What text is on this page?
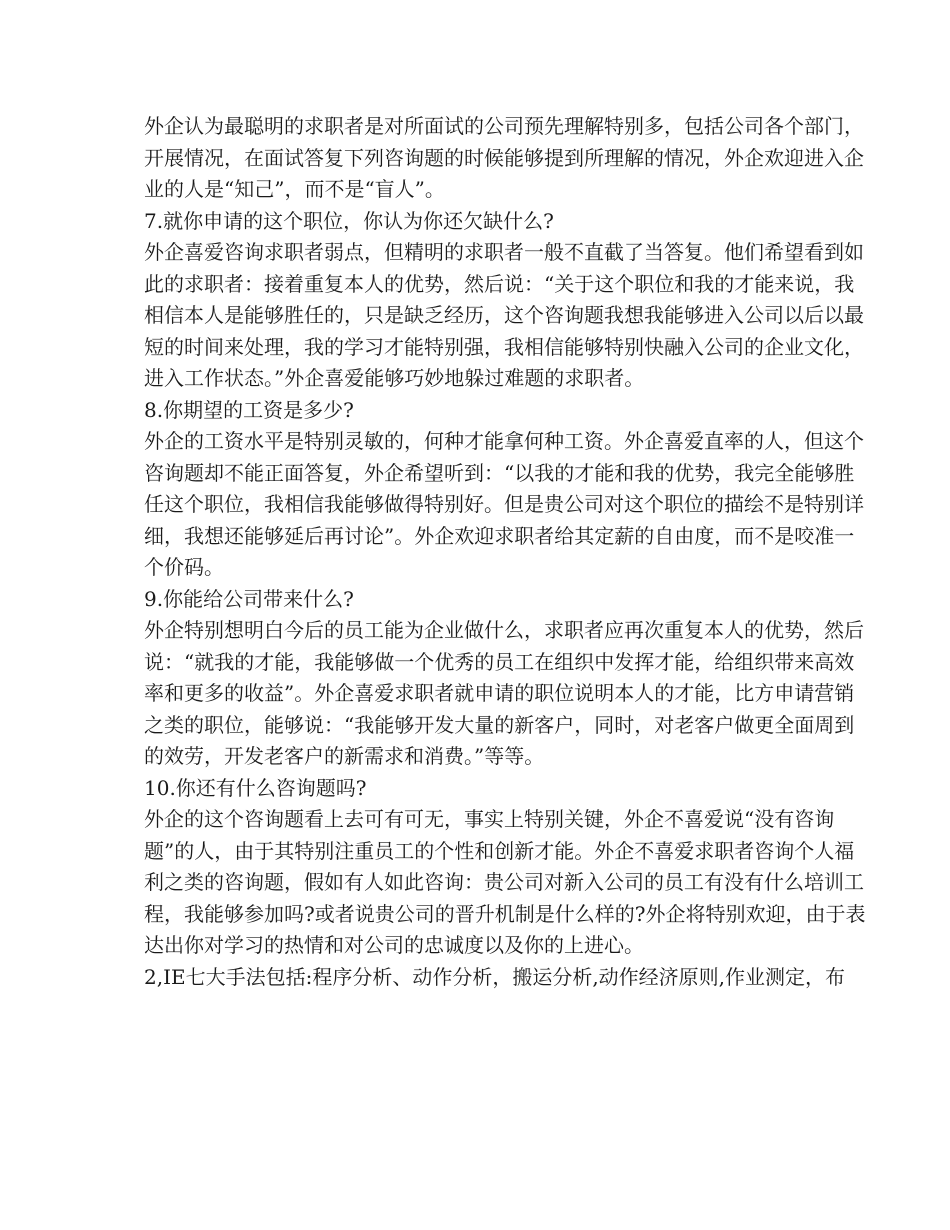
外企认为最聪明的求职者是对所面试的公司预先理解特别多，包括公司各个部门，
开展情况，在面试答复下列咨询题的时候能够提到所理解的情况，外企欢迎进入企
业的人是“知己”，而不是“盲人”。
7.就你申请的这个职位，你认为你还欠缺什么?
外企喜爱咨询求职者弱点，但精明的求职者一般不直截了当答复。他们希望看到如
此的求职者：接着重复本人的优势，然后说：“关于这个职位和我的才能来说，我
相信本人是能够胜任的，只是缺乏经历，这个咨询题我想我能够进入公司以后以最
短的时间来处理，我的学习才能特别强，我相信能够特别快融入公司的企业文化，
进入工作状态。”外企喜爱能够巧妙地躲过难题的求职者。
8.你期望的工资是多少?
外企的工资水平是特别灵敏的，何种才能拿何种工资。外企喜爱直率的人，但这个
咨询题却不能正面答复，外企希望听到：“以我的才能和我的优势，我完全能够胜
任这个职位，我相信我能够做得特别好。但是贵公司对这个职位的描绘不是特别详
细，我想还能够延后再讨论”。外企欢迎求职者给其定薪的自由度，而不是咬准一
个价码。
9.你能给公司带来什么?
外企特别想明白今后的员工能为企业做什么，求职者应再次重复本人的优势，然后
说：“就我的才能，我能够做一个优秀的员工在组织中发挥才能，给组织带来高效
率和更多的收益”。外企喜爱求职者就申请的职位说明本人的才能，比方申请营销
之类的职位，能够说：“我能够开发大量的新客户，同时，对老客户做更全面周到
的效劳，开发老客户的新需求和消费。”等等。
10.你还有什么咨询题吗?
外企的这个咨询题看上去可有可无，事实上特别关键，外企不喜爱说“没有咨询
题”的人，由于其特别注重员工的个性和创新才能。外企不喜爱求职者咨询个人福
利之类的咨询题，假如有人如此咨询：贵公司对新入公司的员工有没有什么培训工
程，我能够参加吗?或者说贵公司的晋升机制是什么样的?外企将特别欢迎，由于表
达出你对学习的热情和对公司的忠诚度以及你的上进心。
2,IE七大手法包括:程序分析、动作分析，搬运分析,动作经济原则,作业测定，布
